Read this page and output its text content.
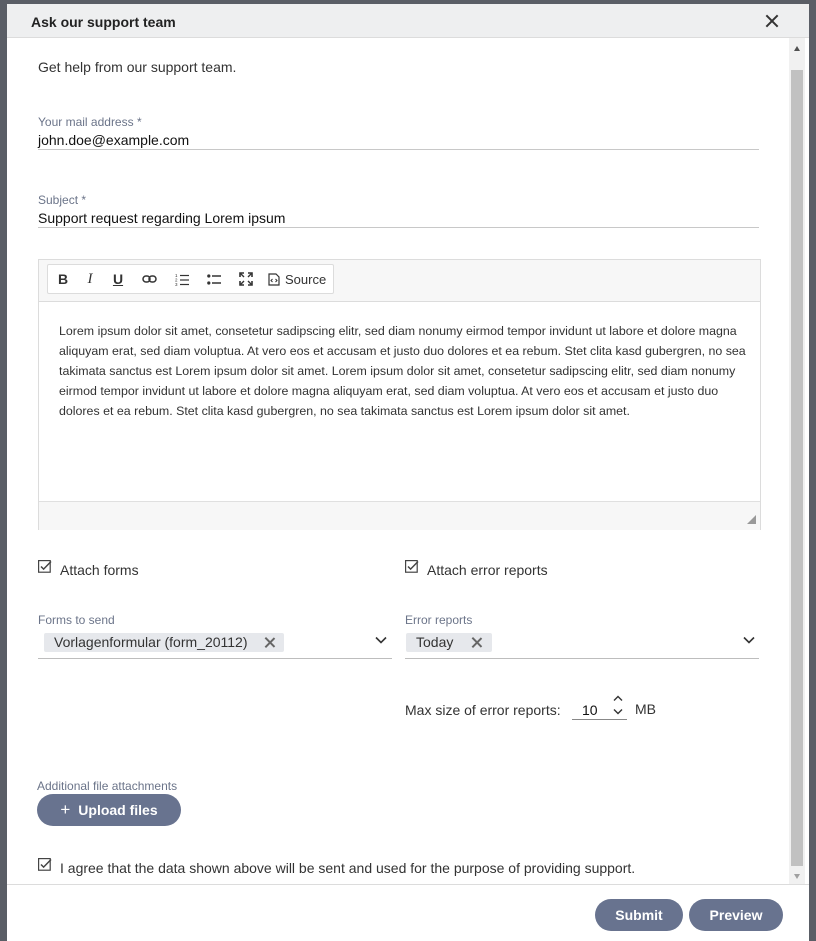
Ask our support team
Get help from our support team.
Your mail address *
john.doe@example.com
Subject *
Support request regarding Lorem ipsum
B	I	U	1
2
3	Source
Lorem ipsum dolor sit amet, consetetur sadipscing elitr, sed diam nonumy eirmod tempor invidunt ut labore et dolore magna aliquyam erat, sed diam voluptua. At vero eos et accusam et justo duo dolores et ea rebum. Stet clita kasd gubergren, no sea takimata sanctus est Lorem ipsum dolor sit amet. Lorem ipsum dolor sit amet, consetetur sadipscing elitr, sed diam nonumy eirmod tempor invidunt ut labore et dolore magna aliquyam erat, sed diam voluptua. At vero eos et accusam et justo duo dolores et ea rebum. Stet clita kasd gubergren, no sea takimata sanctus est Lorem ipsum dolor sit amet.
Attach forms	Attach error reports
Forms to send
Vorlagenformular (form_20112)
Error reports
Today
Max size of error reports: 10	MB
Additional file attachments
+ Upload files
I agree that the data shown above will be sent and used for the purpose of providing support.
Submit	Preview
